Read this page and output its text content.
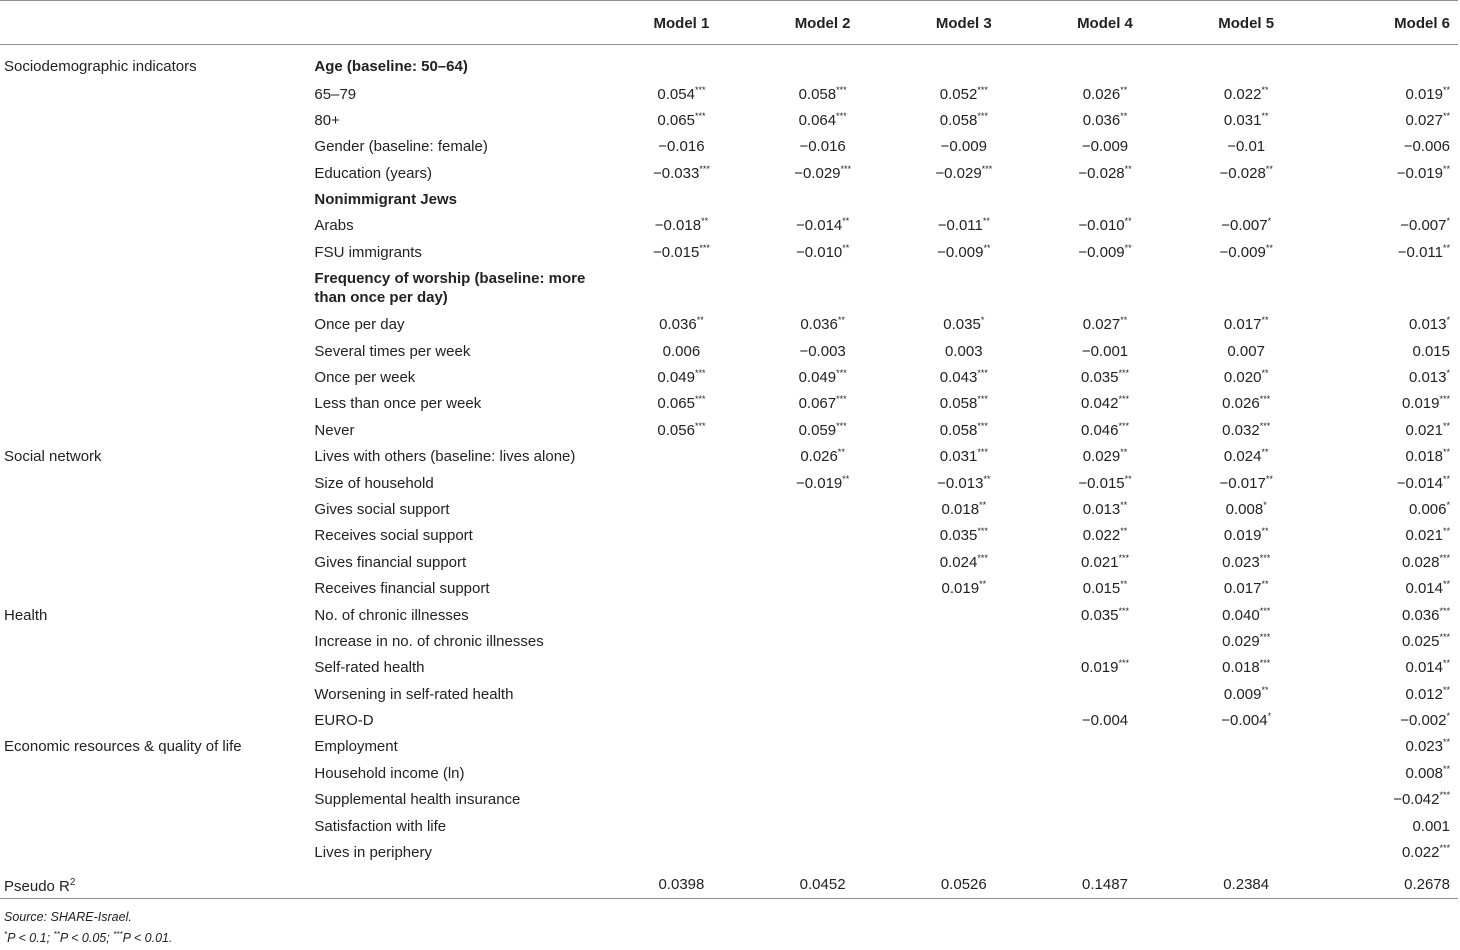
		Model 1	Model 2	Model 3	Model 4	Model 5	Model 6
Sociodemographic indicators	Age (baseline: 50–64)						
	65–79	0.054***	0.058***	0.052***	0.026**	0.022**	0.019**
	80+	0.065***	0.064***	0.058***	0.036**	0.031**	0.027**
	Gender (baseline: female)	−0.016	−0.016	−0.009	−0.009	−0.01	−0.006
	Education (years)	−0.033***	−0.029***	−0.029***	−0.028**	−0.028**	−0.019**
	Nonimmigrant Jews						
	Arabs	−0.018**	−0.014**	−0.011**	−0.010**	−0.007*	−0.007*
	FSU immigrants	−0.015***	−0.010**	−0.009**	−0.009**	−0.009**	−0.011**
	Frequency of worship (baseline: more than once per day)						
	Once per day	0.036**	0.036**	0.035*	0.027**	0.017**	0.013*
	Several times per week	0.006	−0.003	0.003	−0.001	0.007	0.015
	Once per week	0.049***	0.049***	0.043***	0.035***	0.020**	0.013*
	Less than once per week	0.065***	0.067***	0.058***	0.042***	0.026***	0.019***
	Never	0.056***	0.059***	0.058***	0.046***	0.032***	0.021**
Social network	Lives with others (baseline: lives alone)		0.026**	0.031***	0.029**	0.024**	0.018**
	Size of household		−0.019**	−0.013**	−0.015**	−0.017**	−0.014**
	Gives social support			0.018**	0.013**	0.008*	0.006*
	Receives social support			0.035***	0.022**	0.019**	0.021**
	Gives financial support			0.024***	0.021***	0.023***	0.028***
	Receives financial support			0.019**	0.015**	0.017**	0.014**
Health	No. of chronic illnesses				0.035***	0.040***	0.036***
	Increase in no. of chronic illnesses					0.029***	0.025***
	Self-rated health				0.019***	0.018***	0.014**
	Worsening in self-rated health					0.009**	0.012**
	EURO-D				−0.004	−0.004*	−0.002*
Economic resources & quality of life	Employment						0.023**
	Household income (ln)						0.008**
	Supplemental health insurance						−0.042***
	Satisfaction with life						0.001
	Lives in periphery						0.022***
Pseudo $R^2$		0.0398	0.0452	0.0526	0.1487	0.2384	0.2678
Source: SHARE-Israel.
*P < 0.1; **P < 0.05; ***P < 0.01.
